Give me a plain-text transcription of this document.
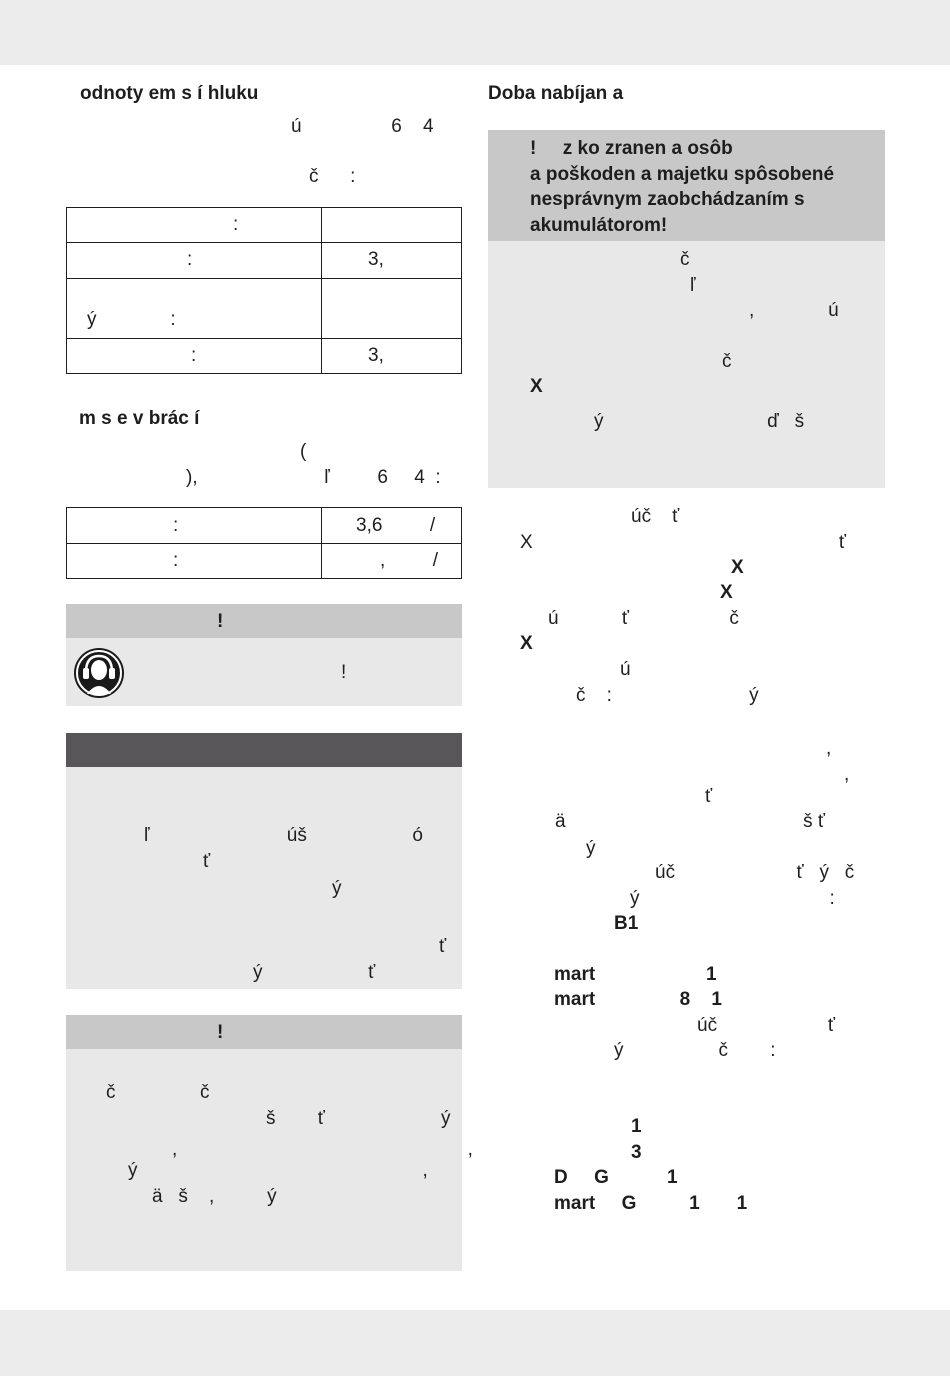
odnoty em s í hluku
ú                 6    4
č      :
:	

:	3,

ý              :	

:	3,
m s e v brác í
(
),                        ľ         6     4  :
:	3,6         /

:	,         /
!
!
ľ                          úš                    ó
ť
ý
ť
ý                    ť
!
č                č
š        ť                      ý
,                                                       ,
ý                                                      ,
ä   š    ,          ý
Doba nabíjan a
!     z ko zranen a osôb
a poškoden a majetku spôsobené
nesprávnym zaobchádzaním s
akumulátorom!
č
ľ
,              ú
č
X
ý                               ď   š
úč    ť
X                                                          ť
X
X
ú            ť                   č
X
ú
č    :                          ý
,
,
ť
ä                                             š ť
ý
úč                       ť   ý   č
ý                                    :
B1
mart                     1
mart                8    1
úč                     ť
ý                  č        :
1
3
D     G           1
mart     G          1       1
